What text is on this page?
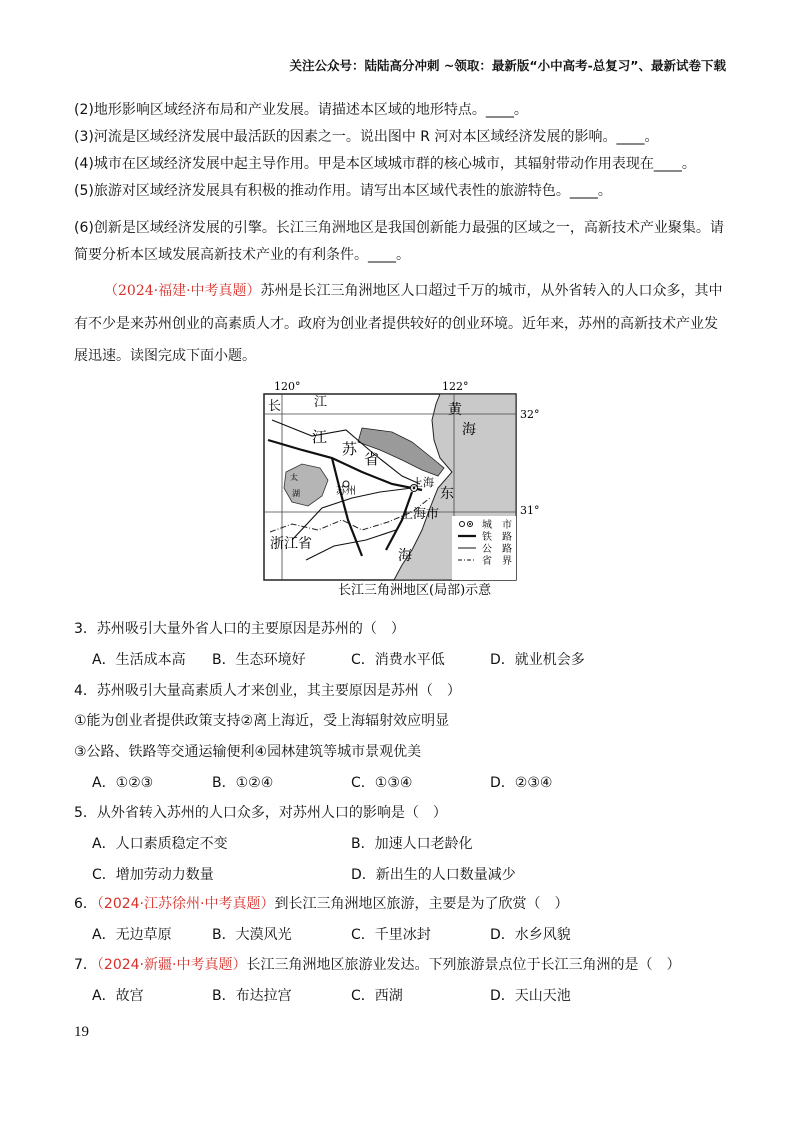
关注公众号：陆陆高分冲刺 ~领取：最新版“小中高考-总复习”、最新试卷下载
(2)地形影响区域经济布局和产业发展。请描述本区域的地形特点。____。
(3)河流是区域经济发展中最活跃的因素之一。说出图中 R 河对本区域经济发展的影响。____。
(4)城市在区域经济发展中起主导作用。甲是本区域城市群的核心城市，其辐射带动作用表现在____。
(5)旅游对区域经济发展具有积极的推动作用。请写出本区域代表性的旅游特色。____。
(6)创新是区域经济发展的引擎。长江三角洲地区是我国创新能力最强的区域之一，高新技术产业聚集。请
简要分析本区域发展高新技术产业的有利条件。____。
（2024·福建·中考真题）苏州是长江三角洲地区人口超过千万的城市，从外省转入的人口众多，其中
有不少是来苏州创业的高素质人才。政府为创业者提供较好的创业环境。近年来，苏州的高新技术产业发
展迅速。读图完成下面小题。
城　市
铁　路
公　路
省　界
120°	122°
32°
31°
长	江
江
苏
省
太
湖	苏州
上海
上海市
浙江省
黄
海
东
海
长江三角洲地区(局部)示意
3．苏州吸引大量外省人口的主要原因是苏州的（　）
A．生活成本高 B．生态环境好	C．消费水平低	D．就业机会多
4．苏州吸引大量高素质人才来创业，其主要原因是苏州（　）
①能为创业者提供政策支持②离上海近，受上海辐射效应明显
③公路、铁路等交通运输便利④园林建筑等城市景观优美
A．①②③	B．①②④	C．①③④	D．②③④
5．从外省转入苏州的人口众多，对苏州人口的影响是（　）
A．人口素质稳定不变	B．加速人口老龄化
C．增加劳动力数量	D．新出生的人口数量减少
6．（2024·江苏徐州·中考真题）到长江三角洲地区旅游，主要是为了欣赏（　）
A．无边草原	B．大漠风光	C．千里冰封	D．水乡风貌
7．（2024·新疆·中考真题）长江三角洲地区旅游业发达。下列旅游景点位于长江三角洲的是（　）
A．故宫	B．布达拉宫	C．西湖	D．天山天池
19
